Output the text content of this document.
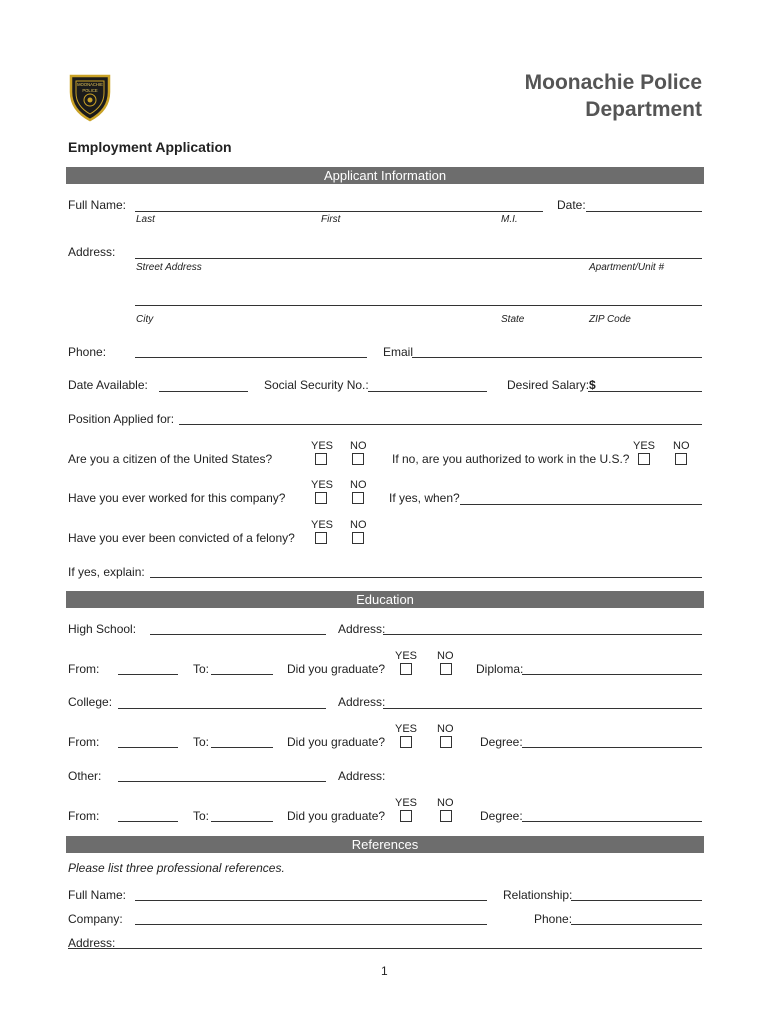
MOONACHIE
POLICE	Moonachie Police
Department
Employment Application
Applicant Information
Full Name:	Date:
Last	First	M.I.
Address:
Street Address	Apartment/Unit #
City	State	ZIP Code
Phone:	Email
Date Available:	Social Security No.:	Desired Salary: $
Position Applied for:
YES NO
Are you a citizen of the United States?
YES NO
If no, are you authorized to work in the U.S.?
YES NO
Have you ever worked for this company?	If yes, when?
YES NO
Have you ever been convicted of a felony?
If yes, explain:
Education
High School:	Address:
YES NO
From:	To:	Did you graduate?	Diploma:
College:	Address:
YES NO
From:	To:	Did you graduate?	Degree:
Other:	Address:
YES NO
From:	To:	Did you graduate?	Degree:
References
Please list three professional references.
Full Name:	Relationship:
Company:	Phone:
Address:
1
